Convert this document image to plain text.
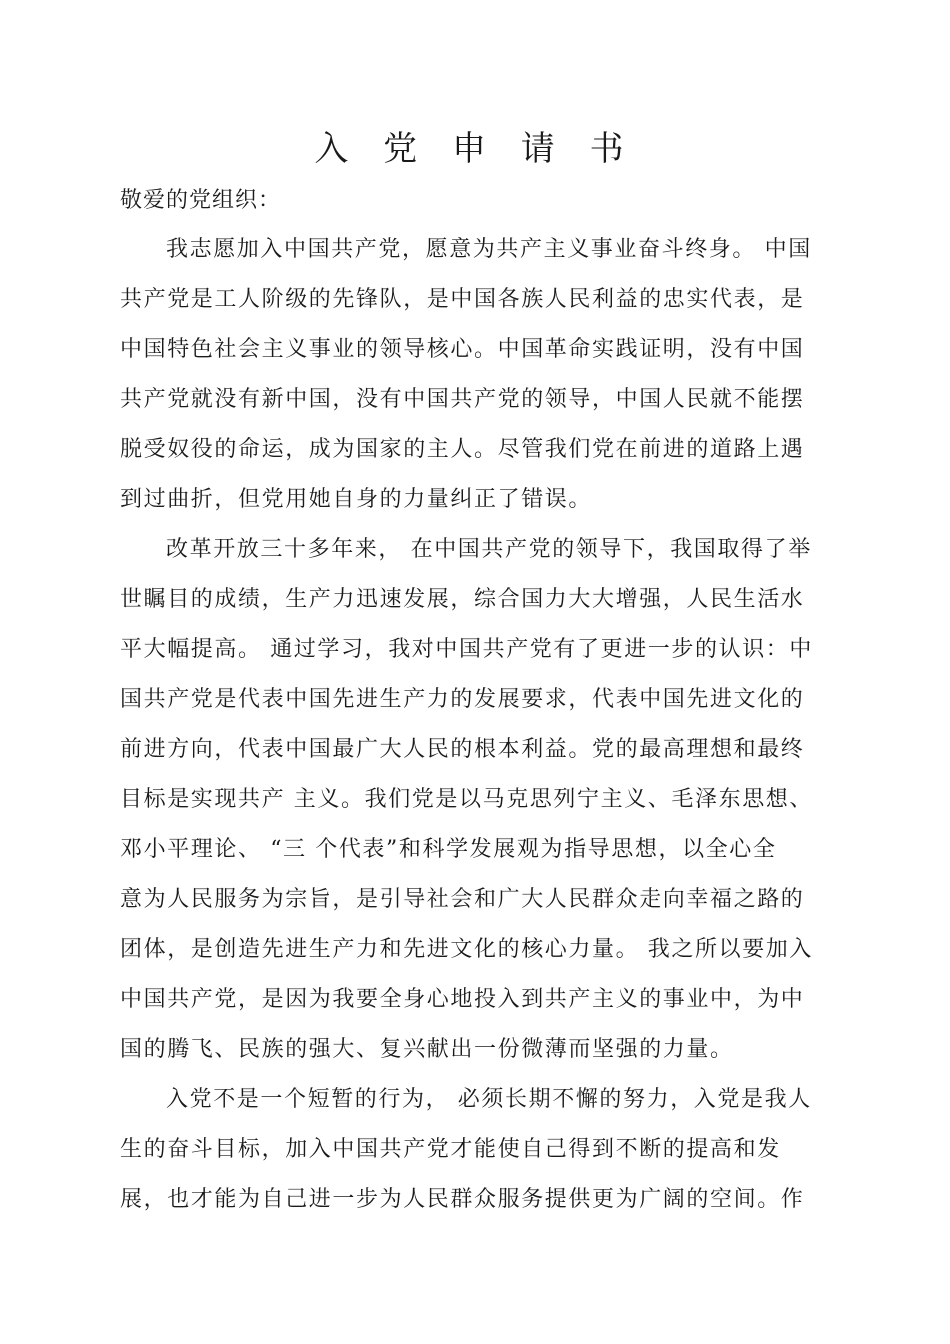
入 党 申 请 书

敬爱的党组织：

我志愿加入中国共产党，愿意为共产主义事业奋斗终身。 中国

共产党是工人阶级的先锋队，是中国各族人民利益的忠实代表，是

中国特色社会主义事业的领导核心。中国革命实践证明，没有中国

共产党就没有新中国，没有中国共产党的领导，中国人民就不能摆

脱受奴役的命运，成为国家的主人。尽管我们党在前进的道路上遇

到过曲折，但党用她自身的力量纠正了错误。

改革开放三十多年来， 在中国共产党的领导下，我国取得了举

世瞩目的成绩，生产力迅速发展，综合国力大大增强，人民生活水

平大幅提高。 通过学习，我对中国共产党有了更进一步的认识：中

国共产党是代表中国先进生产力的发展要求，代表中国先进文化的

前进方向，代表中国最广大人民的根本利益。党的最高理想和最终

目标是实现共产 主义。我们党是以马克思列宁主义、毛泽东思想、

邓小平理论、 “三 个代表”和科学发展观为指导思想，以全心全

意为人民服务为宗旨，是引导社会和广大人民群众走向幸福之路的

团体，是创造先进生产力和先进文化的核心力量。 我之所以要加入

中国共产党，是因为我要全身心地投入到共产主义的事业中，为中

国的腾飞、民族的强大、复兴献出一份微薄而坚强的力量。

入党不是一个短暂的行为， 必须长期不懈的努力，入党是我人

生的奋斗目标，加入中国共产党才能使自己得到不断的提高和发

展，也才能为自己进一步为人民群众服务提供更为广阔的空间。作
